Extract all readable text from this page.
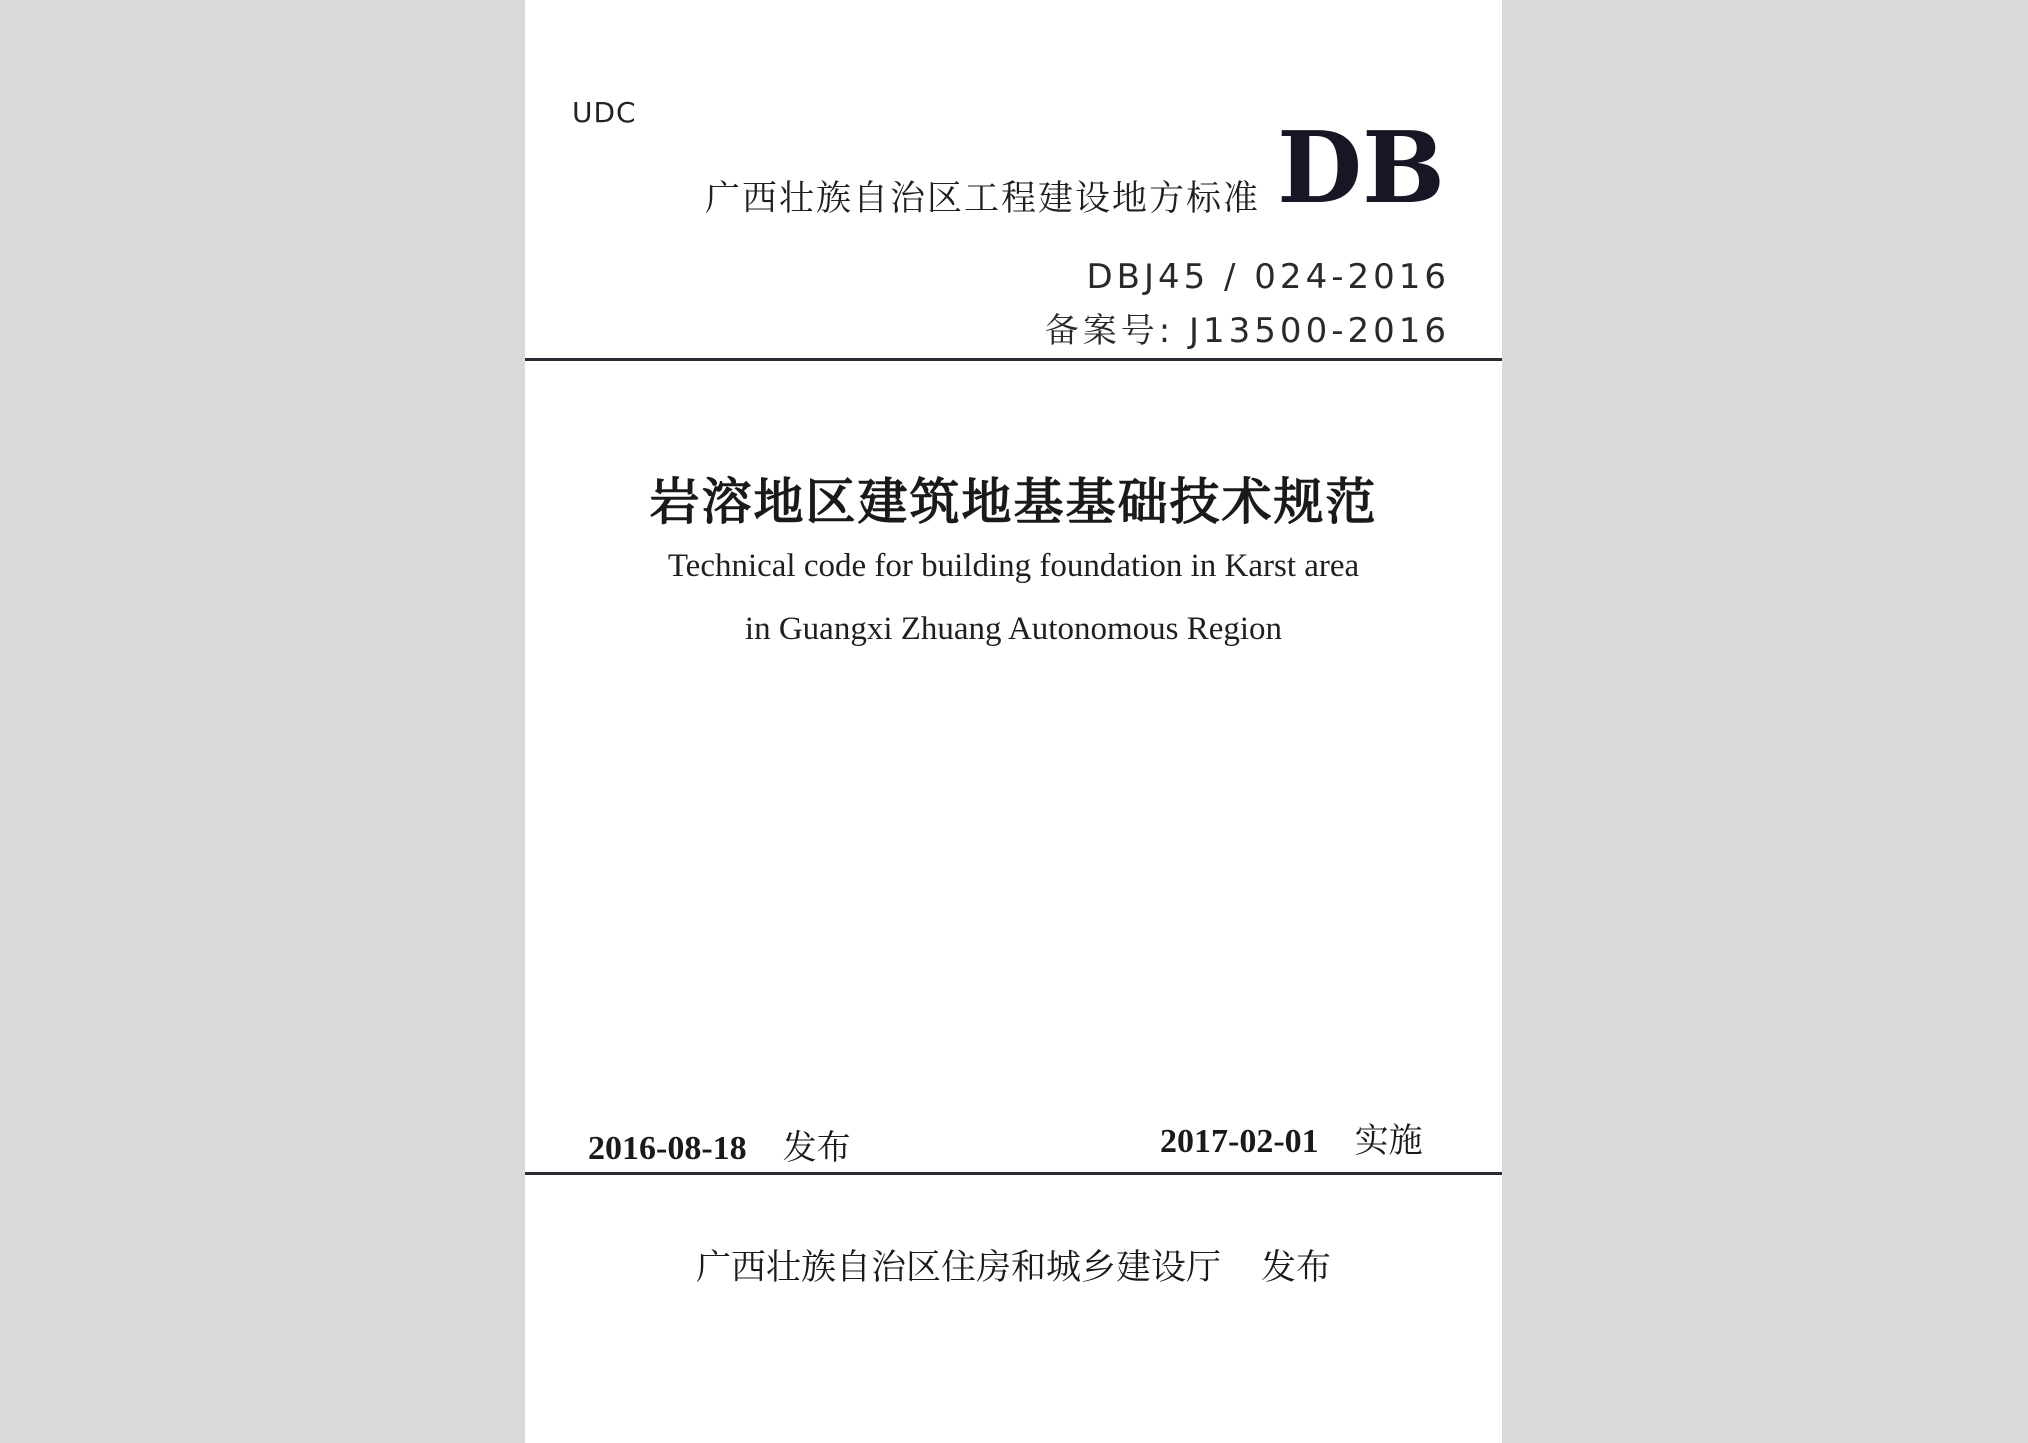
UDC
广西壮族自治区工程建设地方标准 DB
DBJ45 / 024-2016
备案号: J13500-2016
岩溶地区建筑地基基础技术规范
Technical code for building foundation in Karst area
in Guangxi Zhuang Autonomous Region
2016-08-18 发布	2017-02-01 实施
广西壮族自治区住房和城乡建设厅 发布
